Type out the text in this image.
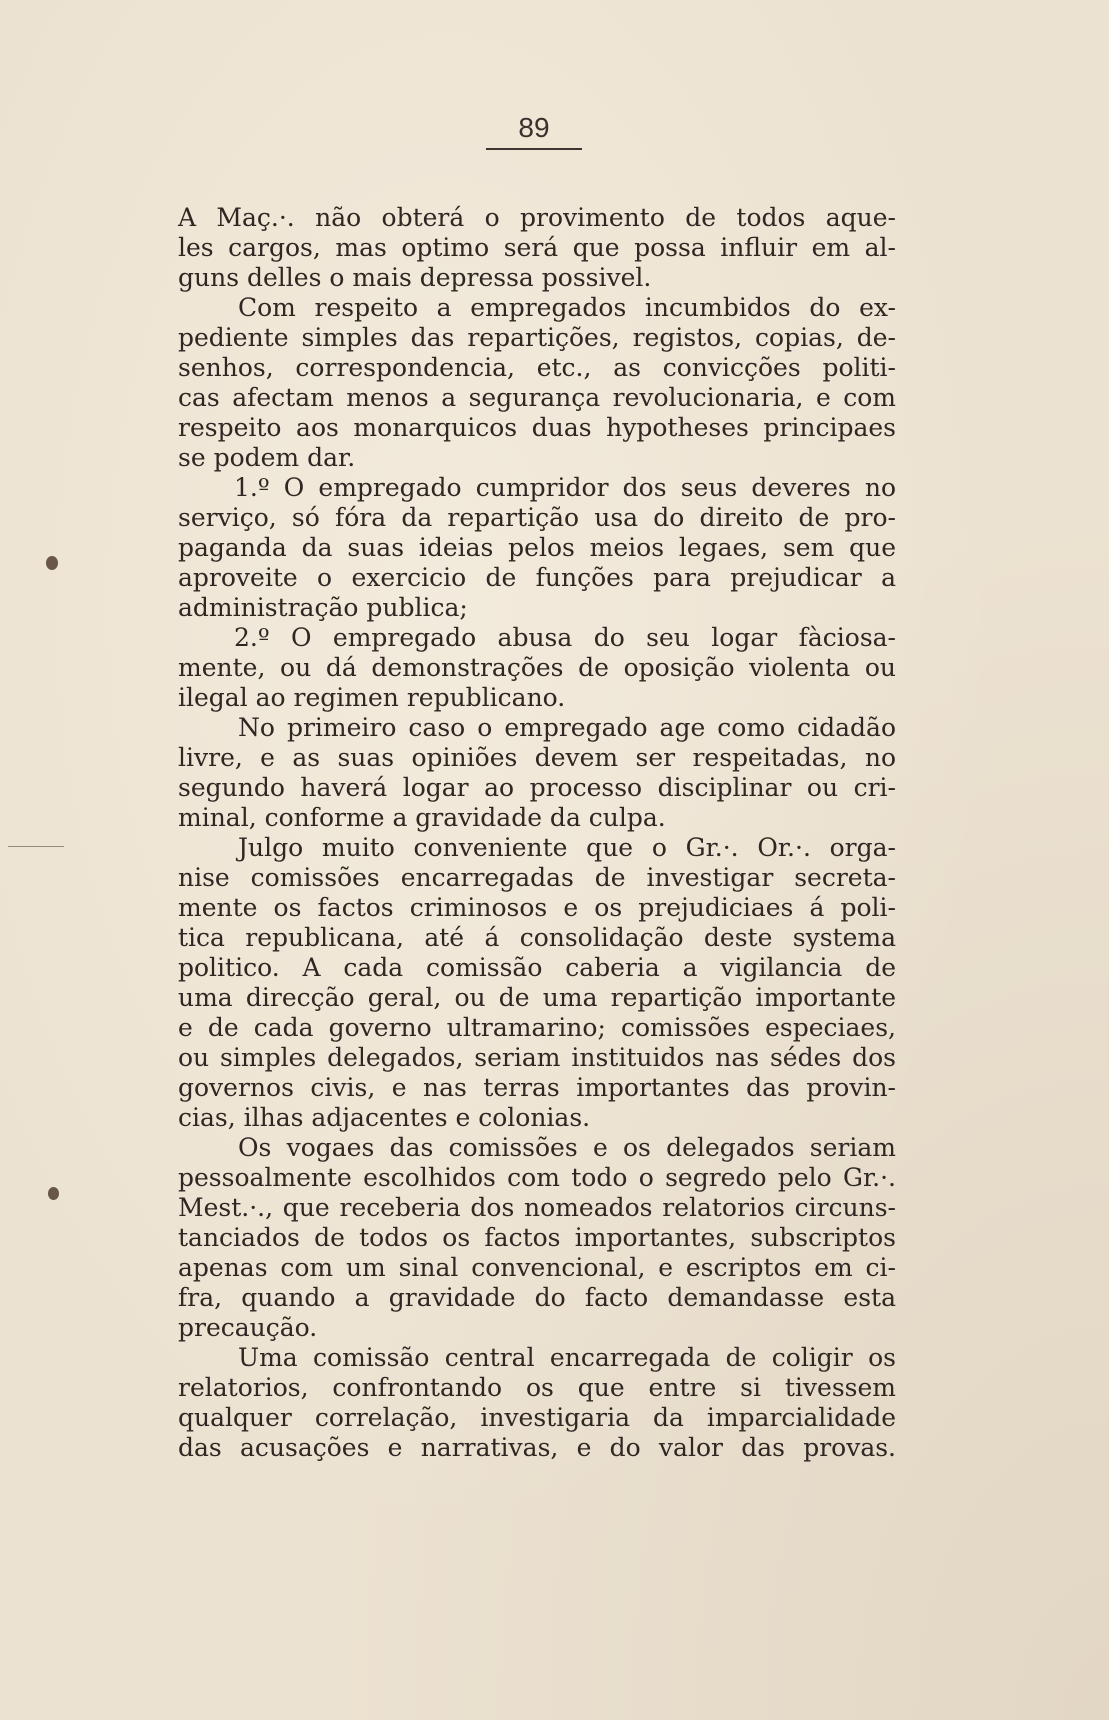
89
A Maç.·. não obterá o provimento de todos aque-
les cargos, mas optimo será que possa influir em al-
guns delles o mais depressa possivel.
Com respeito a empregados incumbidos do ex-
pediente simples das repartições, registos, copias, de-
senhos, correspondencia, etc., as convicções politi-
cas afectam menos a segurança revolucionaria, e com
respeito aos monarquicos duas hypotheses principaes
se podem dar.
1.º O empregado cumpridor dos seus deveres no
serviço, só fóra da repartição usa do direito de pro-
paganda da suas ideias pelos meios legaes, sem que
aproveite o exercicio de funções para prejudicar a
administração publica;
2.º O empregado abusa do seu logar fàciosa-
mente, ou dá demonstrações de oposição violenta ou
ilegal ao regimen republicano.
No primeiro caso o empregado age como cidadão
livre, e as suas opiniões devem ser respeitadas, no
segundo haverá logar ao processo disciplinar ou cri-
minal, conforme a gravidade da culpa.
Julgo muito conveniente que o Gr.·. Or.·. orga-
nise comissões encarregadas de investigar secreta-
mente os factos criminosos e os prejudiciaes á poli-
tica republicana, até á consolidação deste systema
politico. A cada comissão caberia a vigilancia de
uma direcção geral, ou de uma repartição importante
e de cada governo ultramarino; comissões especiaes,
ou simples delegados, seriam instituidos nas sédes dos
governos civis, e nas terras importantes das provin-
cias, ilhas adjacentes e colonias.
Os vogaes das comissões e os delegados seriam
pessoalmente escolhidos com todo o segredo pelo Gr.·.
Mest.·., que receberia dos nomeados relatorios circuns-
tanciados de todos os factos importantes, subscriptos
apenas com um sinal convencional, e escriptos em ci-
fra, quando a gravidade do facto demandasse esta
precaução.
Uma comissão central encarregada de coligir os
relatorios, confrontando os que entre si tivessem
qualquer correlação, investigaria da imparcialidade
das acusações e narrativas, e do valor das provas.
